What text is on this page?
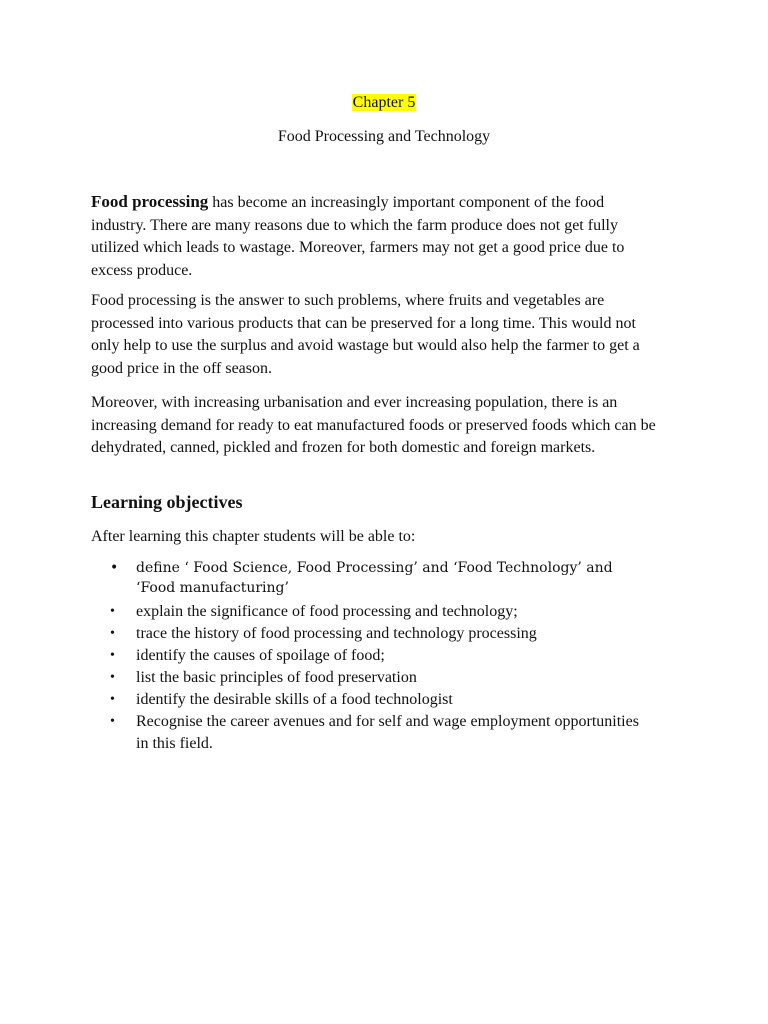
Chapter 5
Food Processing and Technology

Food processing has become an increasingly important component of the food industry. There are many reasons due to which the farm produce does not get fully utilized which leads to wastage. Moreover, farmers may not get a good price due to excess produce.

Food processing is the answer to such problems, where fruits and vegetables are processed into various products that can be preserved for a long time. This would not only help to use the surplus and avoid wastage but would also help the farmer to get a good price in the off season.

Moreover, with increasing urbanisation and ever increasing population, there is an increasing demand for ready to eat manufactured foods or preserved foods which can be dehydrated, canned, pickled and frozen for both domestic and foreign markets.

Learning objectives

After learning this chapter students will be able to:

• define ‘ Food Science, Food Processing’ and ‘Food Technology’ and ‘Food manufacturing’
• explain the significance of food processing and technology;
• trace the history of food processing and technology processing
• identify the causes of spoilage of food;
• list the basic principles of food preservation
• identify the desirable skills of a food technologist
• Recognise the career avenues and for self and wage employment opportunities in this field.
